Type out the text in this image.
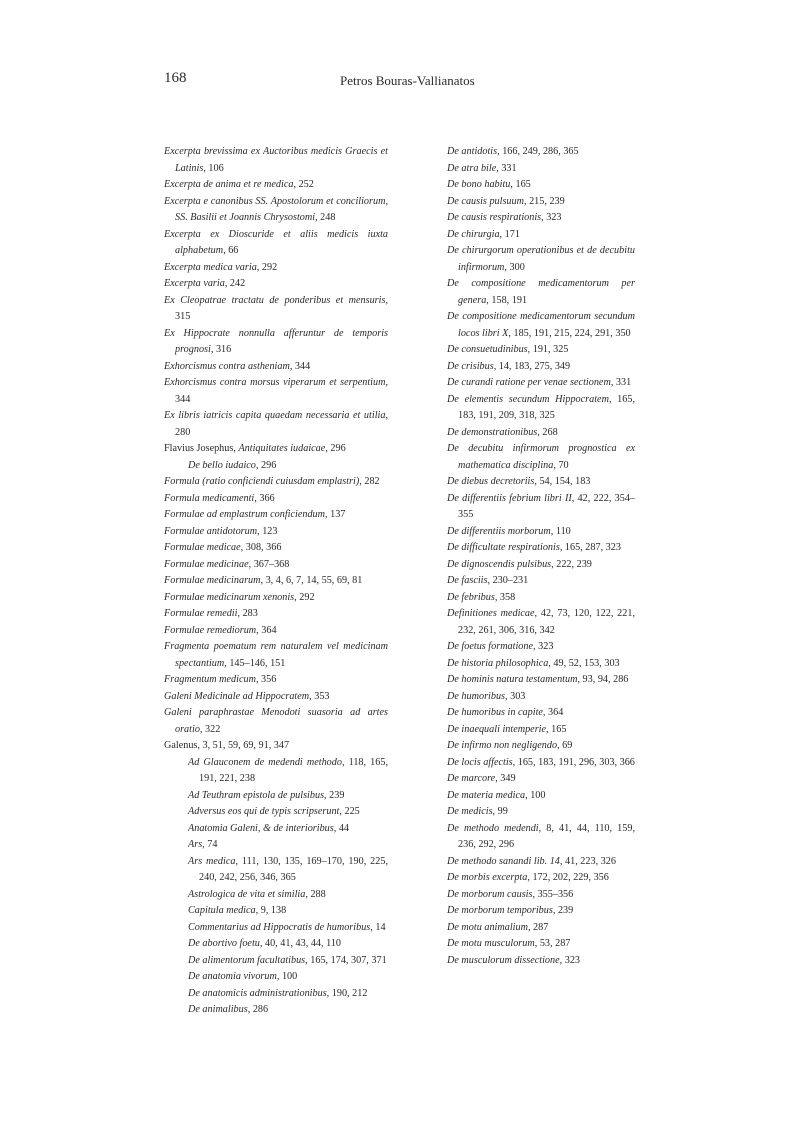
168	Petros Bouras-Vallianatos

Excerpta brevissima ex Auctoribus medicis Graecis et Latinis, 106

Excerpta de anima et re medica, 252

Excerpta e canonibus SS. Apostolorum et conciliorum, SS. Basilii et Joannis Chrysostomi, 248

Excerpta ex Dioscuride et aliis medicis iuxta alphabetum, 66

Excerpta medica varia, 292

Excerpta varia, 242

Ex Cleopatrae tractatu de ponderibus et mensuris, 315

Ex Hippocrate nonnulla afferuntur de temporis prognosi, 316

Exhorcismus contra astheniam, 344

Exhorcismus contra morsus viperarum et serpentium, 344

Ex libris iatricis capita quaedam necessaria et utilia, 280

Flavius Josephus, Antiquitates iudaicae, 296

De bello iudaico, 296

Formula (ratio conficiendi cuiusdam emplastri), 282

Formula medicamenti, 366

Formulae ad emplastrum conficiendum, 137

Formulae antidotorum, 123

Formulae medicae, 308, 366

Formulae medicinae, 367–368

Formulae medicinarum, 3, 4, 6, 7, 14, 55, 69, 81

Formulae medicinarum xenonis, 292

Formulae remedii, 283

Formulae remediorum, 364

Fragmenta poematum rem naturalem vel medicinam spectantium, 145–146, 151

Fragmentum medicum, 356

Galeni Medicinale ad Hippocratem, 353

Galeni paraphrastae Menodoti suasoria ad artes oratio, 322

Galenus, 3, 51, 59, 69, 91, 347

Ad Glauconem de medendi methodo, 118, 165, 191, 221, 238

Ad Teuthram epistola de pulsibus, 239

Adversus eos qui de typis scripserunt, 225

Anatomia Galeni, & de interioribus, 44

Ars, 74

Ars medica, 111, 130, 135, 169–170, 190, 225, 240, 242, 256, 346, 365

Astrologica de vita et similia, 288

Capitula medica, 9, 138

Commentarius ad Hippocratis de humoribus, 14

De abortivo foetu, 40, 41, 43, 44, 110

De alimentorum facultatibus, 165, 174, 307, 371

De anatomia vivorum, 100

De anatomicis administrationibus, 190, 212

De animalibus, 286

De antidotis, 166, 249, 286, 365

De atra bile, 331

De bono habitu, 165

De causis pulsuum, 215, 239

De causis respirationis, 323

De chirurgia, 171

De chirurgorum operationibus et de decubitu infirmorum, 300

De compositione medicamentorum per genera, 158, 191

De compositione medicamentorum secundum locos libri X, 185, 191, 215, 224, 291, 350

De consuetudinibus, 191, 325

De crisibus, 14, 183, 275, 349

De curandi ratione per venae sectionem, 331

De elementis secundum Hippocratem, 165, 183, 191, 209, 318, 325

De demonstrationibus, 268

De decubitu infirmorum prognostica ex mathematica disciplina, 70

De diebus decretoriis, 54, 154, 183

De differentiis febrium libri II, 42, 222, 354–355

De differentiis morborum, 110

De difficultate respirationis, 165, 287, 323

De dignoscendis pulsibus, 222, 239

De fasciis, 230–231

De febribus, 358

Definitiones medicae, 42, 73, 120, 122, 221, 232, 261, 306, 316, 342

De foetus formatione, 323

De historia philosophica, 49, 52, 153, 303

De hominis natura testamentum, 93, 94, 286

De humoribus, 303

De humoribus in capite, 364

De inaequali intemperie, 165

De infirmo non negligendo, 69

De locis affectis, 165, 183, 191, 296, 303, 366

De marcore, 349

De materia medica, 100

De medicis, 99

De methodo medendi, 8, 41, 44, 110, 159, 236, 292, 296

De methodo sanandi lib. 14, 41, 223, 326

De morbis excerpta, 172, 202, 229, 356

De morborum causis, 355–356

De morborum temporibus, 239

De motu animalium, 287

De motu musculorum, 53, 287

De musculorum dissectione, 323
